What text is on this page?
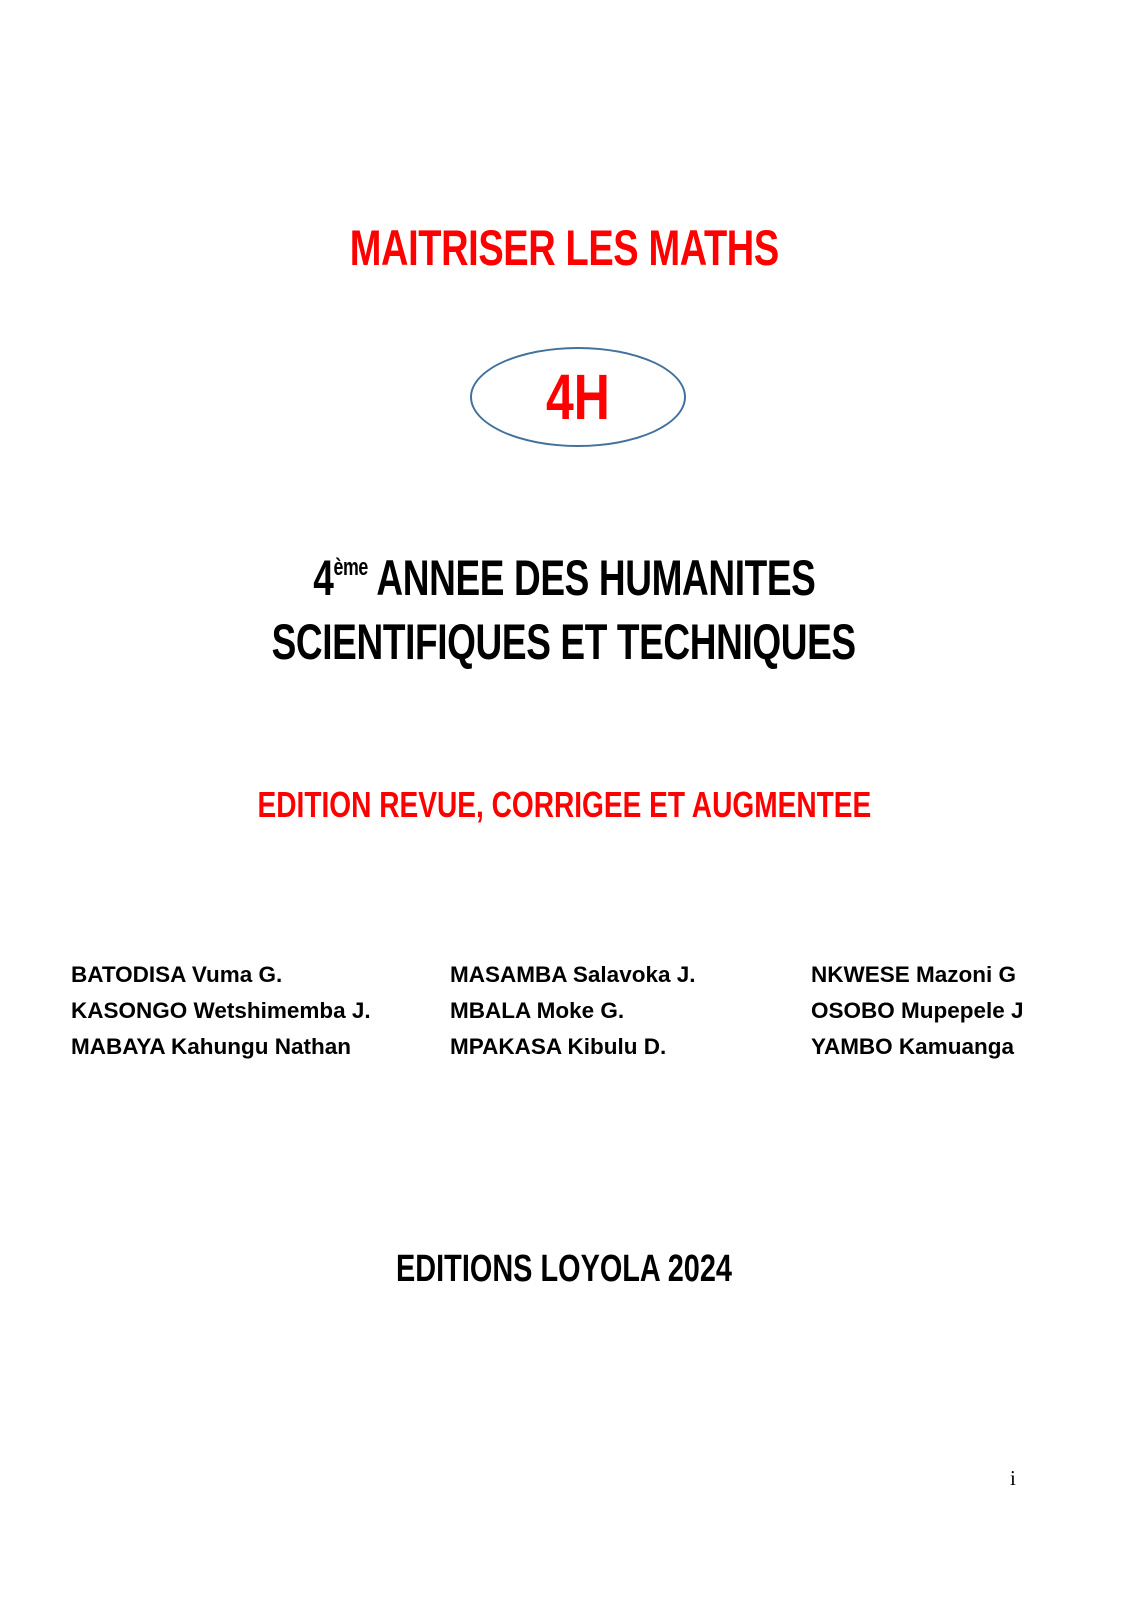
MAITRISER LES MATHS
4H
4ème ANNEE DES HUMANITES
SCIENTIFIQUES ET TECHNIQUES
EDITION REVUE, CORRIGEE ET AUGMENTEE
BATODISA Vuma G.
KASONGO Wetshimemba J.
MABAYA Kahungu Nathan
MASAMBA Salavoka J.
MBALA Moke G.
MPAKASA Kibulu D.
NKWESE Mazoni G
OSOBO Mupepele J
YAMBO Kamuanga
EDITIONS LOYOLA 2024
i
